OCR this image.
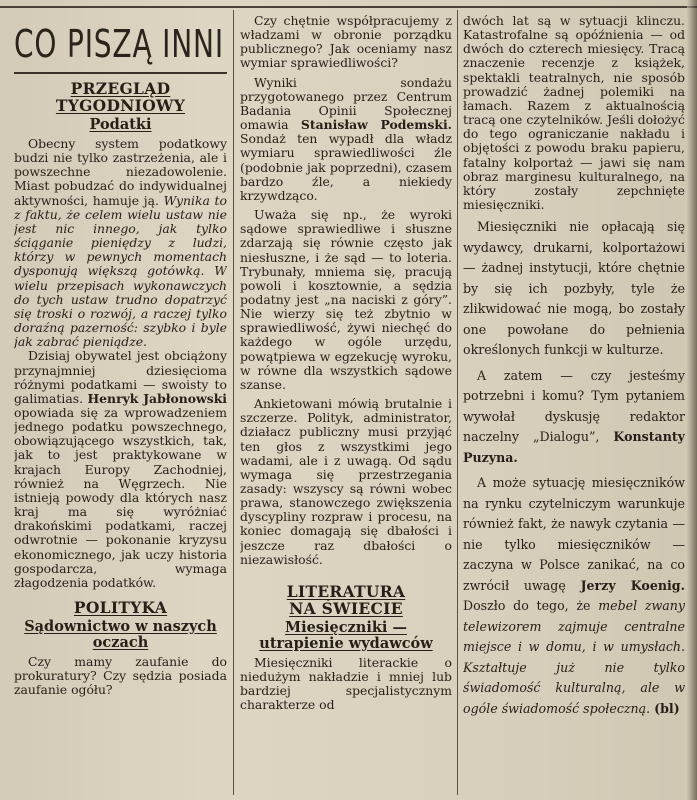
CO PISZĄ INNI
PRZEGLĄD
TYGODNIOWY
Podatki

Obecny system podatkowy budzi nie tylko zastrzeżenia, ale i powszechne niezadowolenie. Miast pobudzać do indywidualnej aktywności, hamuje ją. Wynika to z faktu, że celem wielu ustaw nie jest nic innego, jak tylko ściąganie pieniędzy z ludzi, którzy w pewnych momentach dysponują większą gotówką. W wielu przepisach wykonawczych do tych ustaw trudno dopatrzyć się troski o rozwój, a raczej tylko doraźną pazerność: szybko i byle jak zabrać pieniądze.

Dzisiaj obywatel jest obciążony przynajmniej dziesięcioma różnymi podatkami — swoisty to galimatias. Henryk Jabłonowski opowiada się za wprowadzeniem jednego podatku powszechnego, obowiązującego wszystkich, tak, jak to jest praktykowane w krajach Europy Zachodniej, również na Węgrzech. Nie istnieją powody dla których nasz kraj ma się wyróżniać drakońskimi podatkami, raczej odwrotnie — pokonanie kryzysu ekonomicznego, jak uczy historia gospodarcza, wymaga złagodzenia podatków.

POLITYKA
Sądownictwo w naszych
oczach

Czy mamy zaufanie do prokuratury? Czy sędzia posiada zaufanie ogółu?

Czy chętnie współpracujemy z władzami w obronie porządku publicznego? Jak oceniamy nasz wymiar sprawiedliwości?

Wyniki sondażu przygotowanego przez Centrum Badania Opinii Społecznej omawia Stanisław Podemski. Sondaż ten wypadł dla władz wymiaru sprawiedliwości źle (podobnie jak poprzedni), czasem bardzo źle, a niekiedy krzywdząco.

Uważa się np., że wyroki sądowe sprawiedliwe i słuszne zdarzają się równie często jak niesłuszne, i że sąd — to loteria. Trybunały, mniema się, pracują powoli i kosztownie, a sędzia podatny jest „na naciski z góry”. Nie wierzy się też zbytnio w sprawiedliwość, żywi niechęć do każdego w ogóle urzędu, powątpiewa w egzekucję wyroku, w równe dla wszystkich sądowe szanse.

Ankietowani mówią brutalnie i szczerze. Polityk, administrator, działacz publiczny musi przyjąć ten głos z wszystkimi jego wadami, ale i z uwagą. Od sądu wymaga się przestrzegania zasady: wszyscy są równi wobec prawa, stanowczego zwiększenia dyscypliny rozpraw i procesu, na koniec domagają się dbałości i jeszcze raz dbałości o niezawisłość.

LITERATURA
NA ŚWIECIE
Miesięczniki —
utrapienie wydawców

Miesięczniki literackie o niedużym nakładzie i mniej lub bardziej specjalistycznym charakterze od

dwóch lat są w sytuacji klinczu. Katastrofalne są opóźnienia — od dwóch do czterech miesięcy. Tracą znaczenie recenzje z książek, spektakli teatralnych, nie sposób prowadzić żadnej polemiki na łamach. Razem z aktualnością tracą one czytelników. Jeśli dołożyć do tego ograniczanie nakładu i objętości z powodu braku papieru, fatalny kolportaż — jawi się nam obraz marginesu kulturalnego, na który zostały zepchnięte miesięczniki.

Miesięczniki nie opłacają się wydawcy, drukarni, kolportażowi — żadnej instytucji, które chętnie by się ich pozbyły, tyle że zlikwidować nie mogą, bo zostały one powołane do pełnienia określonych funkcji w kulturze.

A zatem — czy jesteśmy potrzebni i komu? Tym pytaniem wywołał dyskusję redaktor naczelny „Dialogu”, Konstanty Puzyna.

A może sytuację miesięczników na rynku czytelniczym warunkuje również fakt, że nawyk czytania — nie tylko miesięczników — zaczyna w Polsce zanikać, na co zwrócił uwagę Jerzy Koenig. Doszło do tego, że mebel zwany telewizorem zajmuje centralne miejsce i w domu, i w umysłach. Kształtuje już nie tylko świadomość kulturalną, ale w ogóle świadomość społeczną. (bl)
